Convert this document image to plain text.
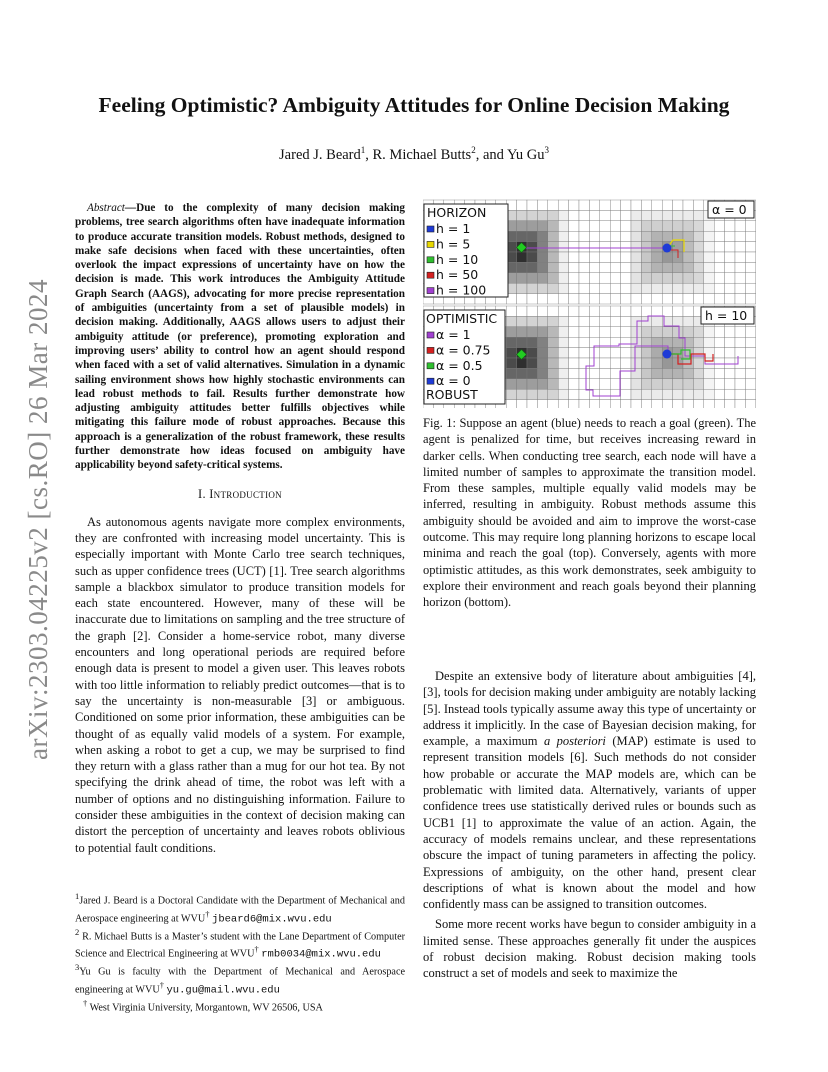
arXiv:2303.04225v2 [cs.RO] 26 Mar 2024
Feeling Optimistic? Ambiguity Attitudes for Online Decision Making
Jared J. Beard$^1$, R. Michael Butts$^2$, and Yu Gu$^3$

Abstract—Due to the complexity of many decision making problems, tree search algorithms often have inadequate information to produce accurate transition models. Robust methods, designed to make safe decisions when faced with these uncertainties, often overlook the impact expressions of uncertainty have on how the decision is made. This work introduces the Ambiguity Attitude Graph Search (AAGS), advocating for more precise representation of ambiguities (uncertainty from a set of plausible models) in decision making. Additionally, AAGS allows users to adjust their ambiguity attitude (or preference), promoting exploration and improving users’ ability to control how an agent should respond when faced with a set of valid alternatives. Simulation in a dynamic sailing environment shows how highly stochastic environments can lead robust methods to fail. Results further demonstrate how adjusting ambiguity attitudes better fulfills objectives while mitigating this failure mode of robust approaches. Because this approach is a generalization of the robust framework, these results further demonstrate how ideas focused on ambiguity have applicability beyond safety-critical systems.

I. Introduction

As autonomous agents navigate more complex environments, they are confronted with increasing model uncertainty. This is especially important with Monte Carlo tree search techniques, such as upper confidence trees (UCT) [1]. Tree search algorithms sample a blackbox simulator to produce transition models for each state encountered. However, many of these will be inaccurate due to limitations on sampling and the tree structure of the graph [2]. Consider a home-service robot, many diverse encounters and long operational periods are required before enough data is present to model a given user. This leaves robots with too little information to reliably predict outcomes—that is to say the uncertainty is non-measurable [3] or ambiguous. Conditioned on some prior information, these ambiguities can be thought of as equally valid models of a system. For example, when asking a robot to get a cup, we may be surprised to find they return with a glass rather than a mug for our hot tea. By not specifying the drink ahead of time, the robot was left with a number of options and no distinguishing information. Failure to consider these ambiguities in the context of decision making can distort the perception of uncertainty and leaves robots oblivious to potential fault conditions.

$^1$Jared J. Beard is a Doctoral Candidate with the Department of Mechanical and Aerospace engineering at WVU† jbeard6@mix.wvu.edu

$^2$ R. Michael Butts is a Master’s student with the Lane Department of Computer Science and Electrical Engineering at WVU† rmb0034@mix.wvu.edu

$^3$Yu Gu is faculty with the Department of Mechanical and Aerospace engineering at WVU† yu.gu@mail.wvu.edu

† West Virginia University, Morgantown, WV 26506, USA

HORIZON
h = 1
h = 5
h = 10
h = 50
h = 100
α = 0
OPTIMISTIC
α = 1
α = 0.75
α = 0.5
α = 0
ROBUST
h = 10

Fig. 1: Suppose an agent (blue) needs to reach a goal (green). The agent is penalized for time, but receives increasing reward in darker cells. When conducting tree search, each node will have a limited number of samples to approximate the transition model. From these samples, multiple equally valid models may be inferred, resulting in ambiguity. Robust methods assume this ambiguity should be avoided and aim to improve the worst-case outcome. This may require long planning horizons to escape local minima and reach the goal (top). Conversely, agents with more optimistic attitudes, as this work demonstrates, seek ambiguity to explore their environment and reach goals beyond their planning horizon (bottom).

Despite an extensive body of literature about ambiguities [4], [3], tools for decision making under ambiguity are notably lacking [5]. Instead tools typically assume away this type of uncertainty or address it implicitly. In the case of Bayesian decision making, for example, a maximum a posteriori (MAP) estimate is used to represent transition models [6]. Such methods do not consider how probable or accurate the MAP models are, which can be problematic with limited data. Alternatively, variants of upper confidence trees use statistically derived rules or bounds such as UCB1 [1] to approximate the value of an action. Again, the accuracy of models remains unclear, and these representations obscure the impact of tuning parameters in affecting the policy. Expressions of ambiguity, on the other hand, present clear descriptions of what is known about the model and how confidently mass can be assigned to transition outcomes.

Some more recent works have begun to consider ambiguity in a limited sense. These approaches generally fit under the auspices of robust decision making. Robust decision making tools construct a set of models and seek to maximize the
